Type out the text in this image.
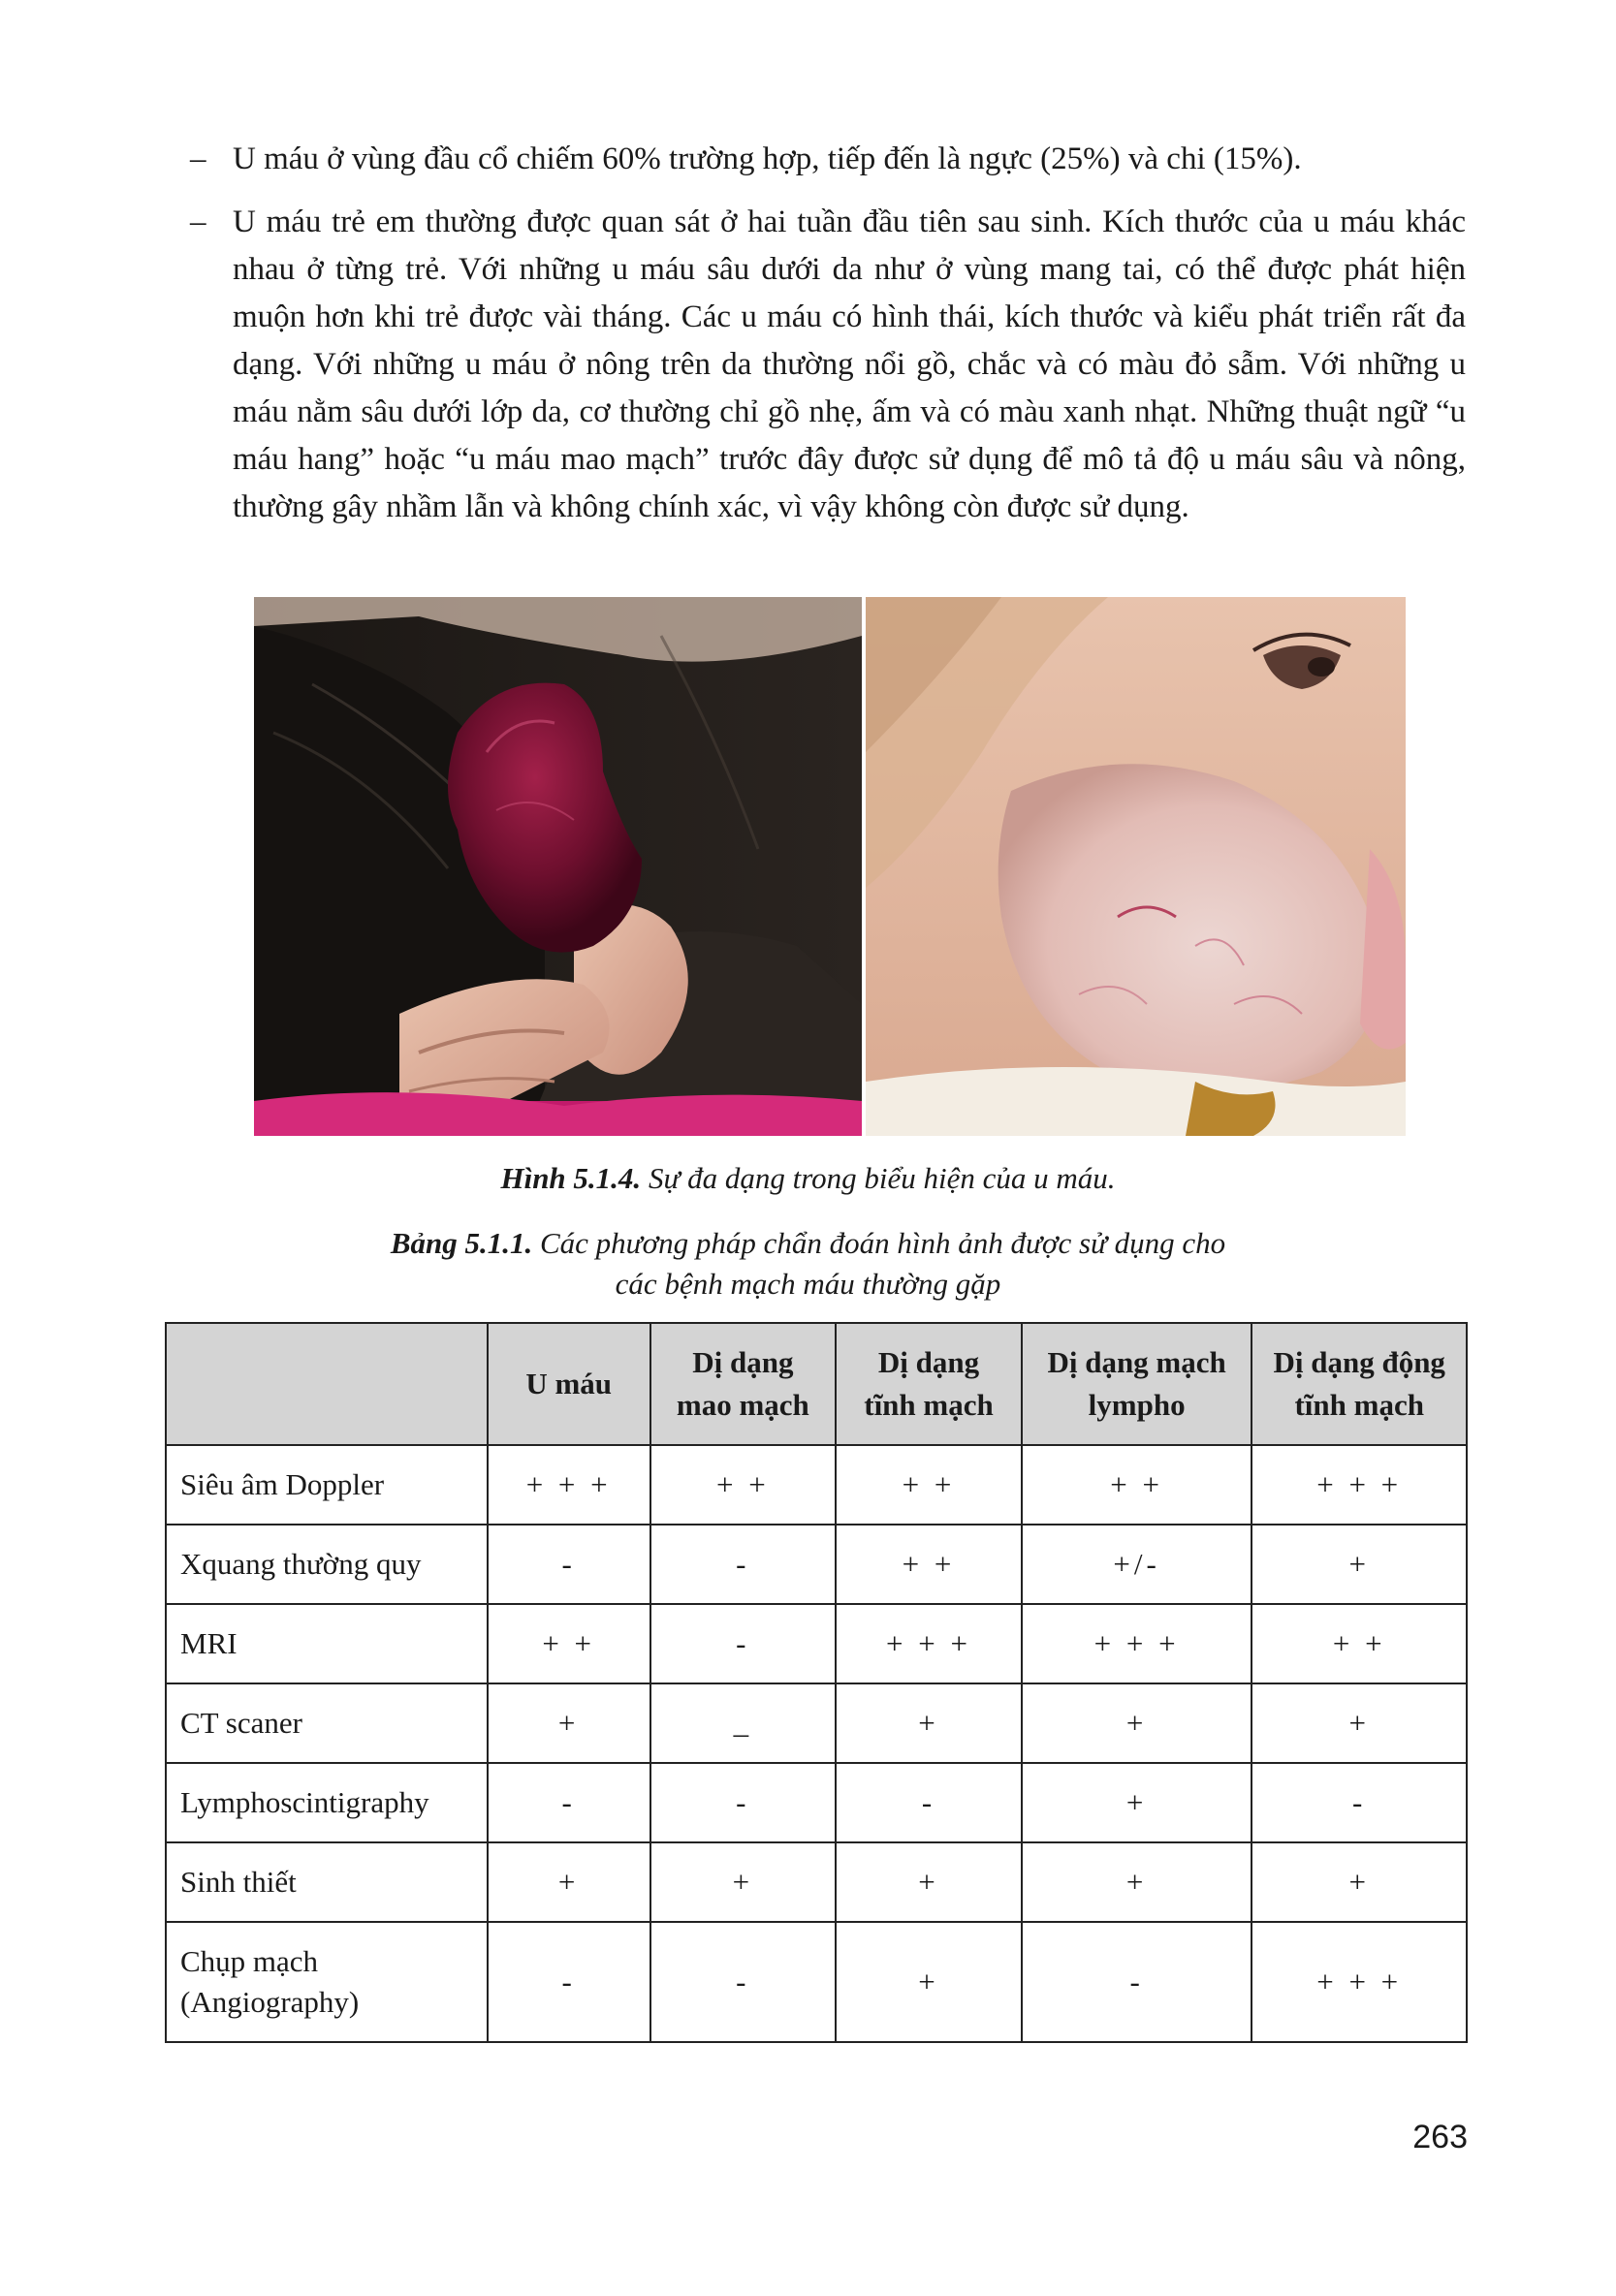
– U máu ở vùng đầu cổ chiếm 60% trường hợp, tiếp đến là ngực (25%) và chi (15%).
– U máu trẻ em thường được quan sát ở hai tuần đầu tiên sau sinh. Kích thước của u máu khác nhau ở từng trẻ. Với những u máu sâu dưới da như ở vùng mang tai, có thể được phát hiện muộn hơn khi trẻ được vài tháng. Các u máu có hình thái, kích thước và kiểu phát triển rất đa dạng. Với những u máu ở nông trên da thường nổi gồ, chắc và có màu đỏ sẫm. Với những u máu nằm sâu dưới lớp da, cơ thường chỉ gồ nhẹ, ấm và có màu xanh nhạt. Những thuật ngữ “u máu hang” hoặc “u máu mao mạch” trước đây được sử dụng để mô tả độ u máu sâu và nông, thường gây nhầm lẫn và không chính xác, vì vậy không còn được sử dụng.
Hình 5.1.4. Sự đa dạng trong biểu hiện của u máu.
Bảng 5.1.1. Các phương pháp chẩn đoán hình ảnh được sử dụng cho
các bệnh mạch máu thường gặp
	U máu	Dị dạng mao mạch	Dị dạng tĩnh mạch	Dị dạng mạch lympho	Dị dạng động tĩnh mạch
Siêu âm Doppler	+ + +	+ +	+ +	+ +	+ + +
Xquang thường quy	-	-	+ +	+/-	+
MRI	+ +	-	+ + +	+ + +	+ +
CT scaner	+	_	+	+	+
Lymphoscintigraphy	-	-	-	+	-
Sinh thiết	+	+	+	+	+
Chụp mạch (Angiography)	-	-	+	-	+ + +
263
